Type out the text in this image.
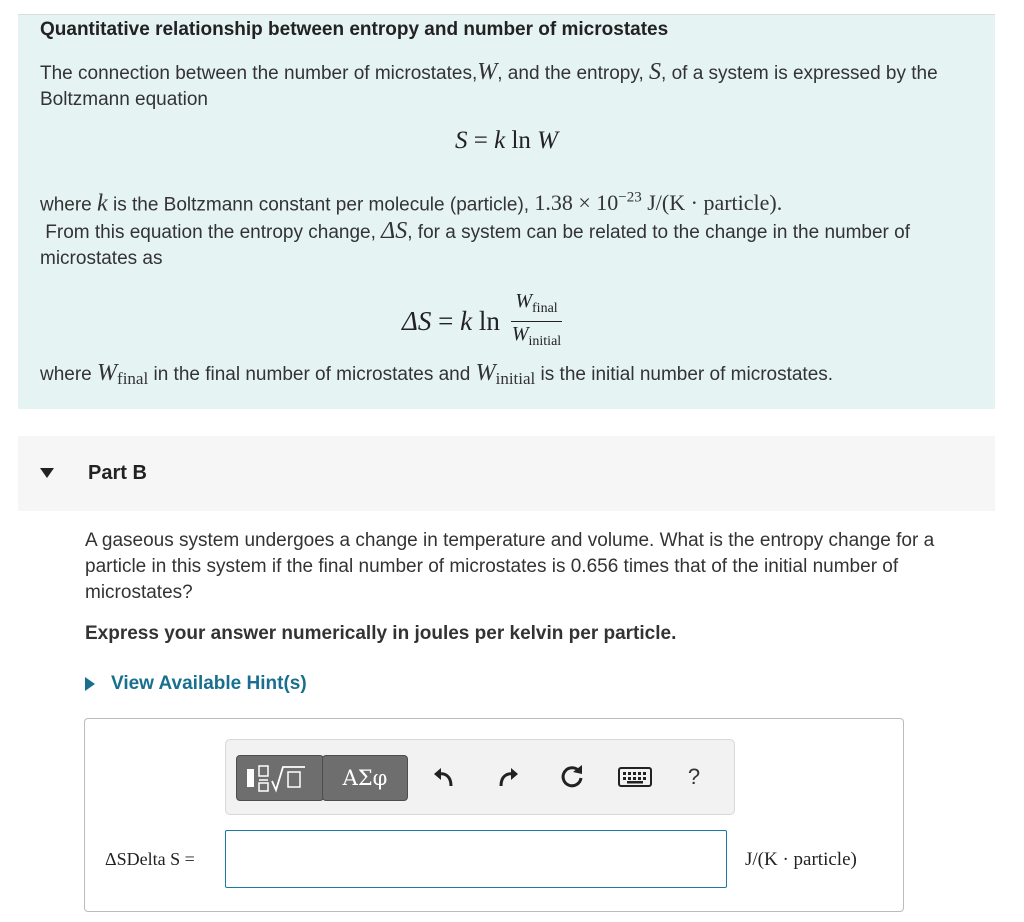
Quantitative relationship between entropy and number of microstates
The connection between the number of microstates,W, and the entropy, S, of a system is expressed by the Boltzmann equation
S = k ln W
where k is the Boltzmann constant per molecule (particle), $1.38 \times 10^{-23}$ J/(K · particle). From this equation the entropy change, ΔS, for a system can be related to the change in the number of microstates as
ΔS = k $\ln \frac{W_{final}}{W_{initial}}$
where Wfinal in the final number of microstates and Winitial is the initial number of microstates.
Part B
A gaseous system undergoes a change in temperature and volume. What is the entropy change for a particle in this system if the final number of microstates is 0.656 times that of the initial number of microstates?
Express your answer numerically in joules per kelvin per particle.
View Available Hint(s)
ΑΣφ	?
ΔSDelta S =	J/(K · particle)
